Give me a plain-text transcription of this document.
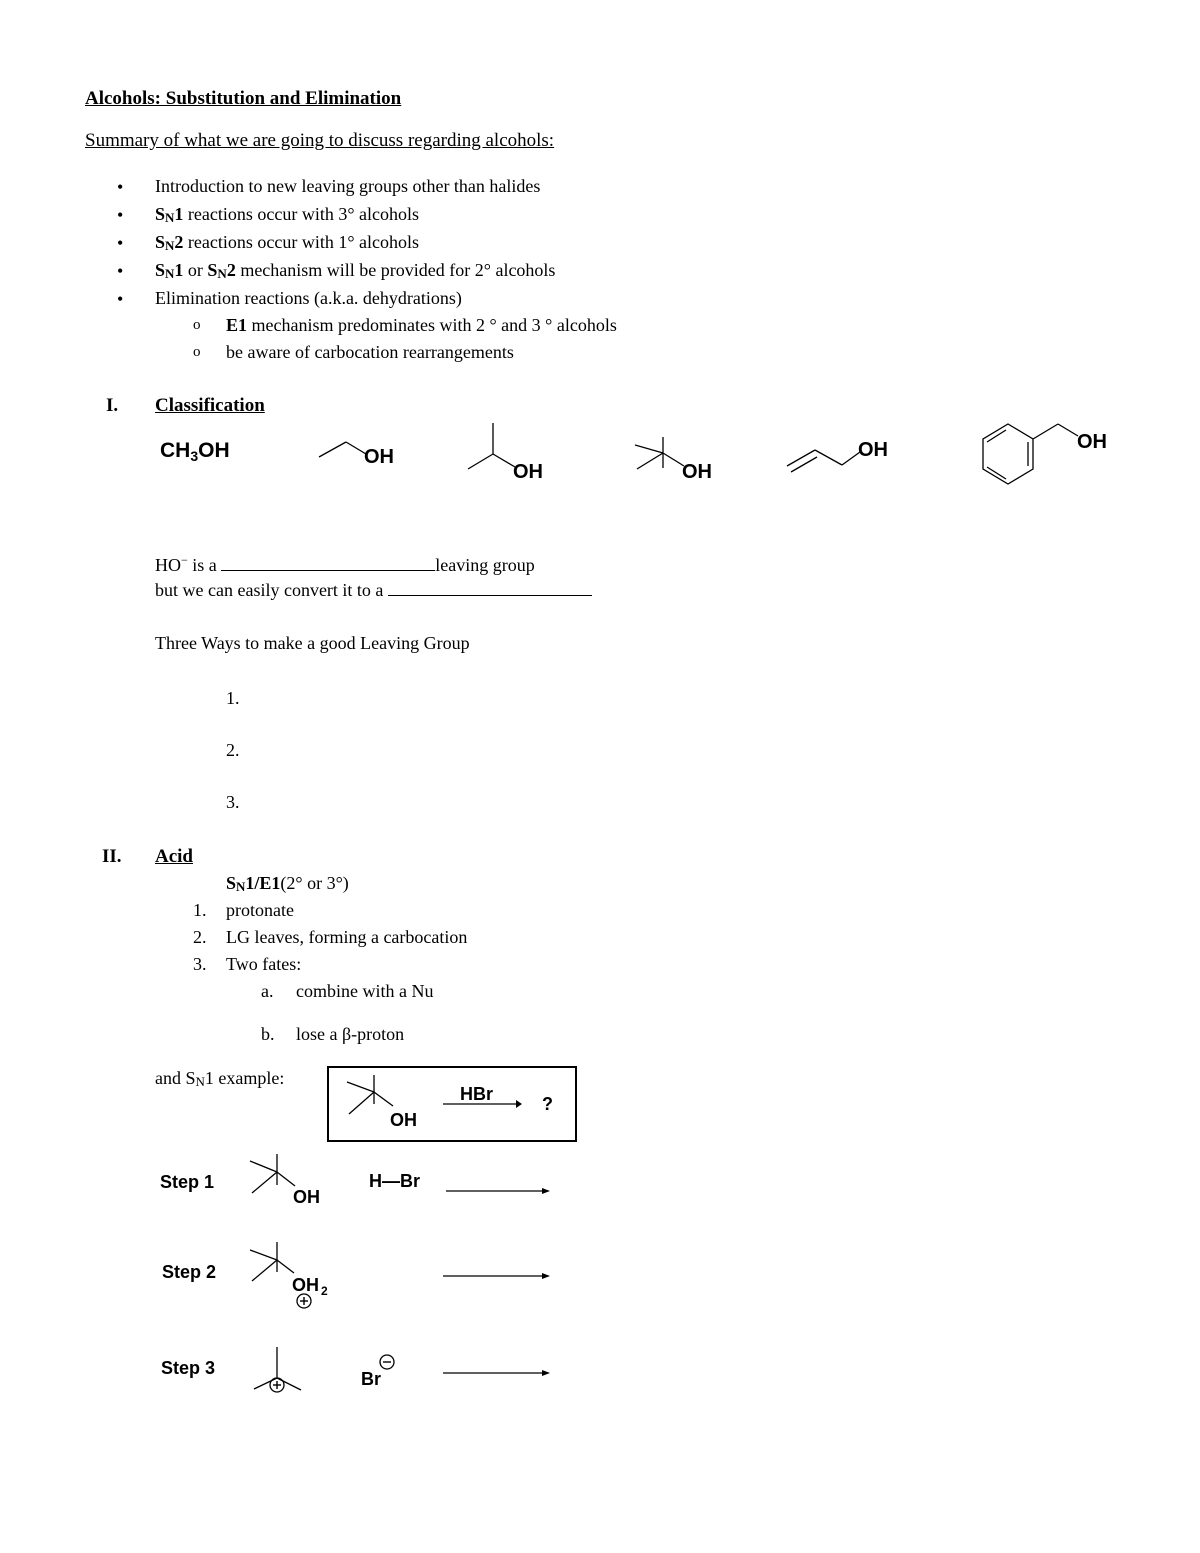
Alcohols: Substitution and Elimination
Summary of what we are going to discuss regarding alcohols:
• Introduction to new leaving groups other than halides
• SN1 reactions occur with 3° alcohols
• SN2 reactions occur with 1° alcohols
• SN1 or SN2 mechanism will be provided for 2° alcohols
• Elimination reactions (a.k.a. dehydrations)
o E1 mechanism predominates with 2 ° and 3 ° alcohols
o be aware of carbocation rearrangements
I. Classification
CH3OH	OH
OH	OH
OH	OH
HO− is a	leaving group
but we can easily convert it to a
Three Ways to make a good Leaving Group
1.
2.
3.
II. Acid
SN1/E1(2° or 3°)
1. protonate
2. LG leaves, forming a carbocation
3. Two fates:
a. combine with a Nu
b. lose a β-proton
and SN1 example:
OH
HBr	?
Step 1
OH
H—Br
Step 2
OH 2
Step 3
Br
